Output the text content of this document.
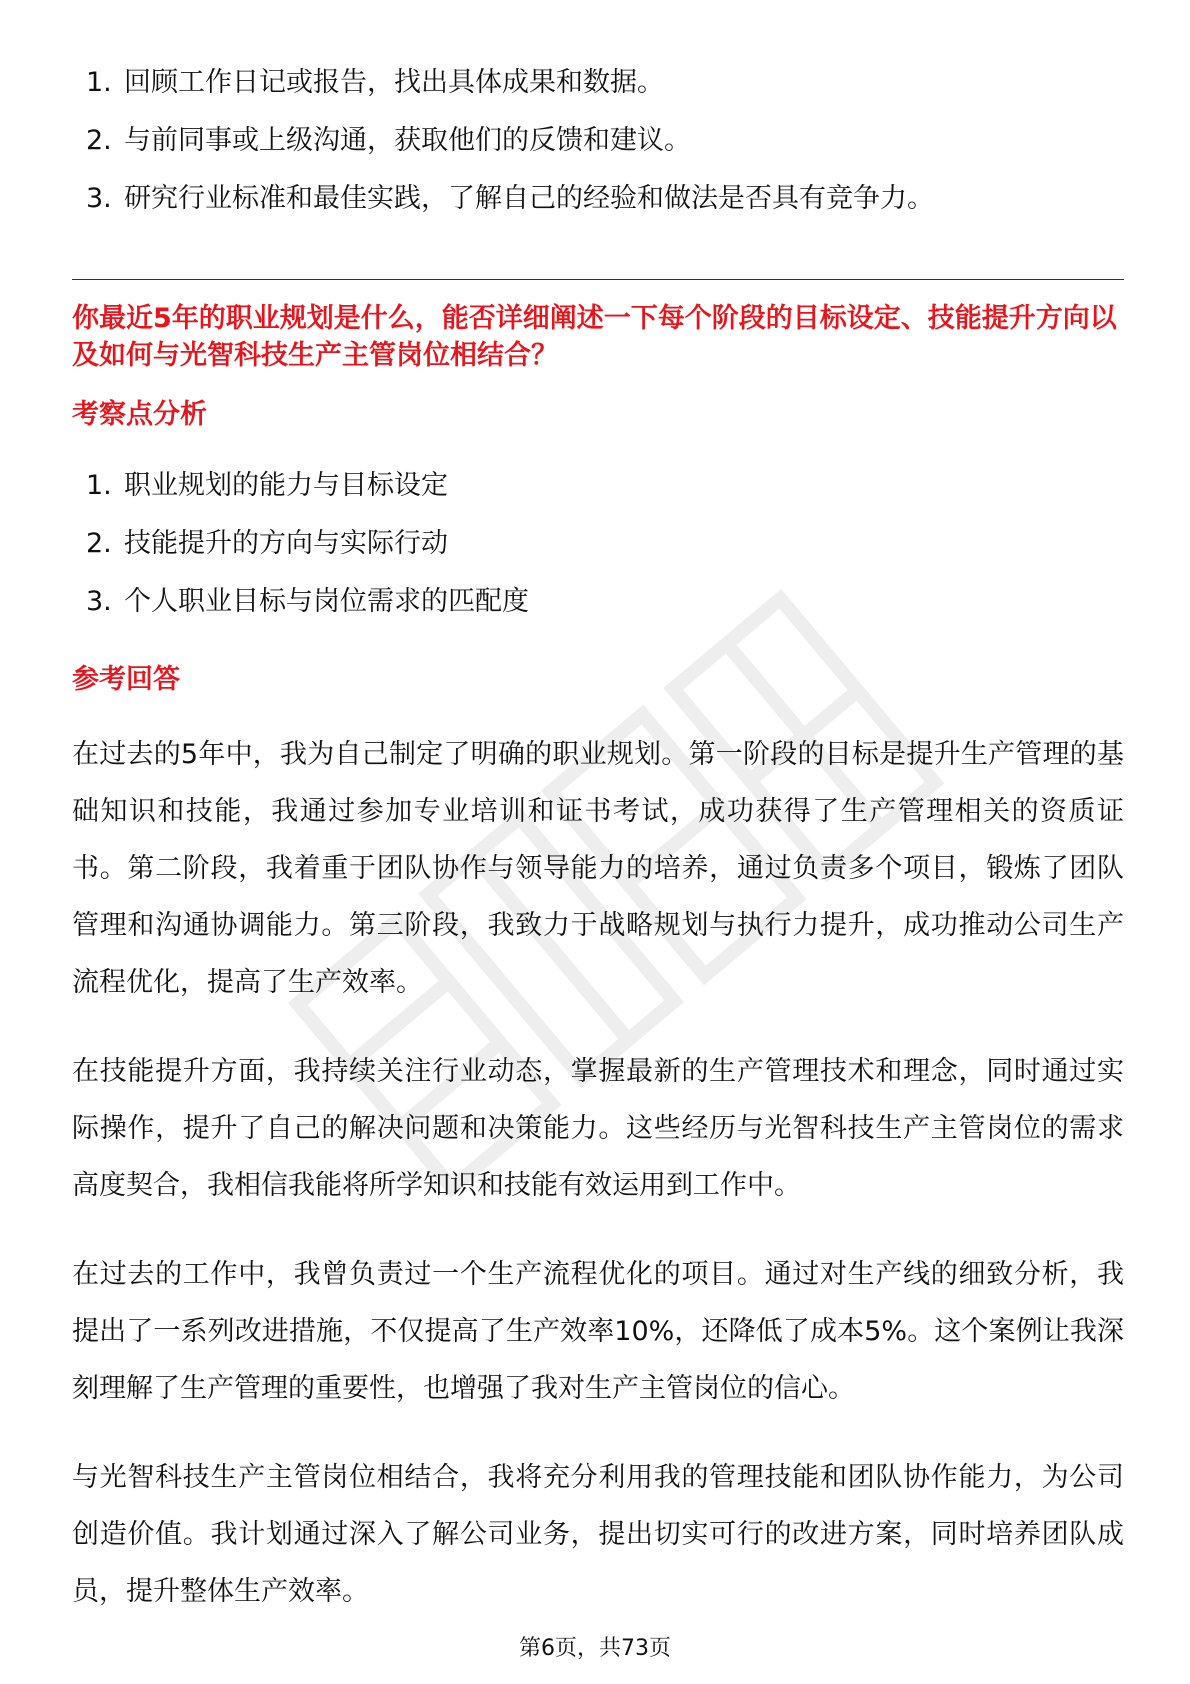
1. 回顾工作日记或报告，找出具体成果和数据。
2. 与前同事或上级沟通，获取他们的反馈和建议。
3. 研究行业标准和最佳实践，了解自己的经验和做法是否具有竞争力。
你最近5年的职业规划是什么，能否详细阐述一下每个阶段的目标设定、技能提升方向以及如何与光智科技生产主管岗位相结合？
考察点分析
1. 职业规划的能力与目标设定
2. 技能提升的方向与实际行动
3. 个人职业目标与岗位需求的匹配度
参考回答

在过去的5年中，我为自己制定了明确的职业规划。第一阶段的目标是提升生产管理的基础知识和技能，我通过参加专业培训和证书考试，成功获得了生产管理相关的资质证书。第二阶段，我着重于团队协作与领导能力的培养，通过负责多个项目，锻炼了团队管理和沟通协调能力。第三阶段，我致力于战略规划与执行力提升，成功推动公司生产流程优化，提高了生产效率。

在技能提升方面，我持续关注行业动态，掌握最新的生产管理技术和理念，同时通过实际操作，提升了自己的解决问题和决策能力。这些经历与光智科技生产主管岗位的需求高度契合，我相信我能将所学知识和技能有效运用到工作中。

在过去的工作中，我曾负责过一个生产流程优化的项目。通过对生产线的细致分析，我提出了一系列改进措施，不仅提高了生产效率10%，还降低了成本5%。这个案例让我深刻理解了生产管理的重要性，也增强了我对生产主管岗位的信心。

与光智科技生产主管岗位相结合，我将充分利用我的管理技能和团队协作能力，为公司创造价值。我计划通过深入了解公司业务，提出切实可行的改进方案，同时培养团队成员，提升整体生产效率。

第6页，共73页
